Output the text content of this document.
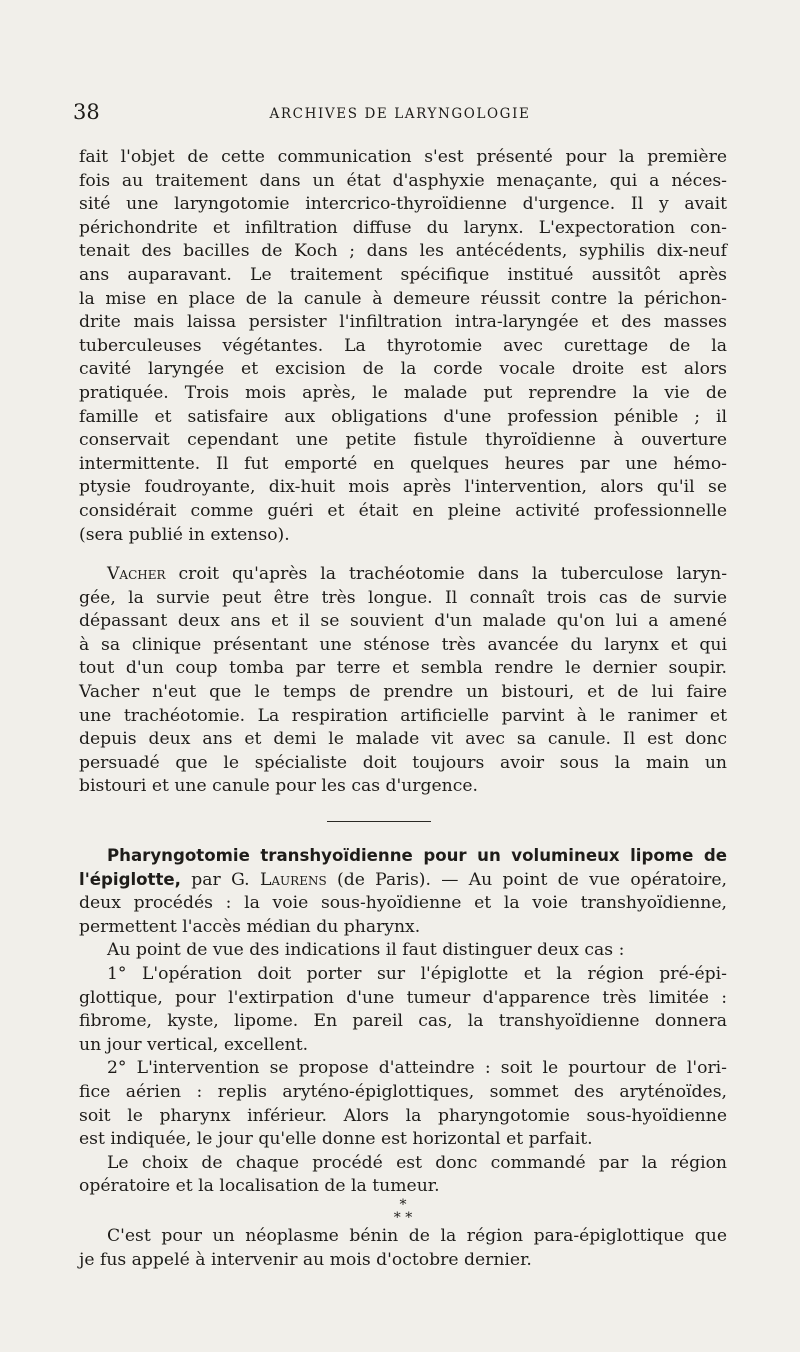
38	ARCHIVES DE LARYNGOLOGIE

fait l'objet de cette communication s'est présenté pour la première

fois au traitement dans un état d'asphyxie menaçante, qui a néces-

sité une laryngotomie intercrico-thyroïdienne d'urgence. Il y avait

périchondrite et infiltration diffuse du larynx. L'expectoration con-

tenait des bacilles de Koch ; dans les antécédents, syphilis dix-neuf

ans auparavant. Le traitement spécifique institué aussitôt après

la mise en place de la canule à demeure réussit contre la périchon-

drite mais laissa persister l'infiltration intra-laryngée et des masses

tuberculeuses végétantes. La thyrotomie avec curettage de la

cavité laryngée et excision de la corde vocale droite est alors

pratiquée. Trois mois après, le malade put reprendre la vie de

famille et satisfaire aux obligations d'une profession pénible ; il

conservait cependant une petite fistule thyroïdienne à ouverture

intermittente. Il fut emporté en quelques heures par une hémo-

ptysie foudroyante, dix-huit mois après l'intervention, alors qu'il se

considérait comme guéri et était en pleine activité professionnelle

(sera publié in extenso).

Vacher croit qu'après la trachéotomie dans la tuberculose laryn-

gée, la survie peut être très longue. Il connaît trois cas de survie

dépassant deux ans et il se souvient d'un malade qu'on lui a amené

à sa clinique présentant une sténose très avancée du larynx et qui

tout d'un coup tomba par terre et sembla rendre le dernier soupir.

Vacher n'eut que le temps de prendre un bistouri, et de lui faire

une trachéotomie. La respiration artificielle parvint à le ranimer et

depuis deux ans et demi le malade vit avec sa canule. Il est donc

persuadé que le spécialiste doit toujours avoir sous la main un

bistouri et une canule pour les cas d'urgence.

Pharyngotomie transhyoïdienne pour un volumineux lipome de

l'épiglotte, par G. Laurens (de Paris). — Au point de vue opératoire,

deux procédés : la voie sous-hyoïdienne et la voie transhyoïdienne,

permettent l'accès médian du pharynx.

Au point de vue des indications il faut distinguer deux cas :

1° L'opération doit porter sur l'épiglotte et la région pré-épi-

glottique, pour l'extirpation d'une tumeur d'apparence très limitée :

fibrome, kyste, lipome. En pareil cas, la transhyoïdienne donnera

un jour vertical, excellent.

2° L'intervention se propose d'atteindre : soit le pourtour de l'ori-

fice aérien : replis aryténo-épiglottiques, sommet des aryténoïdes,

soit le pharynx inférieur. Alors la pharyngotomie sous-hyoïdienne

est indiquée, le jour qu'elle donne est horizontal et parfait.

Le choix de chaque procédé est donc commandé par la région

opératoire et la localisation de la tumeur.

*

* *

C'est pour un néoplasme bénin de la région para-épiglottique que

je fus appelé à intervenir au mois d'octobre dernier.
